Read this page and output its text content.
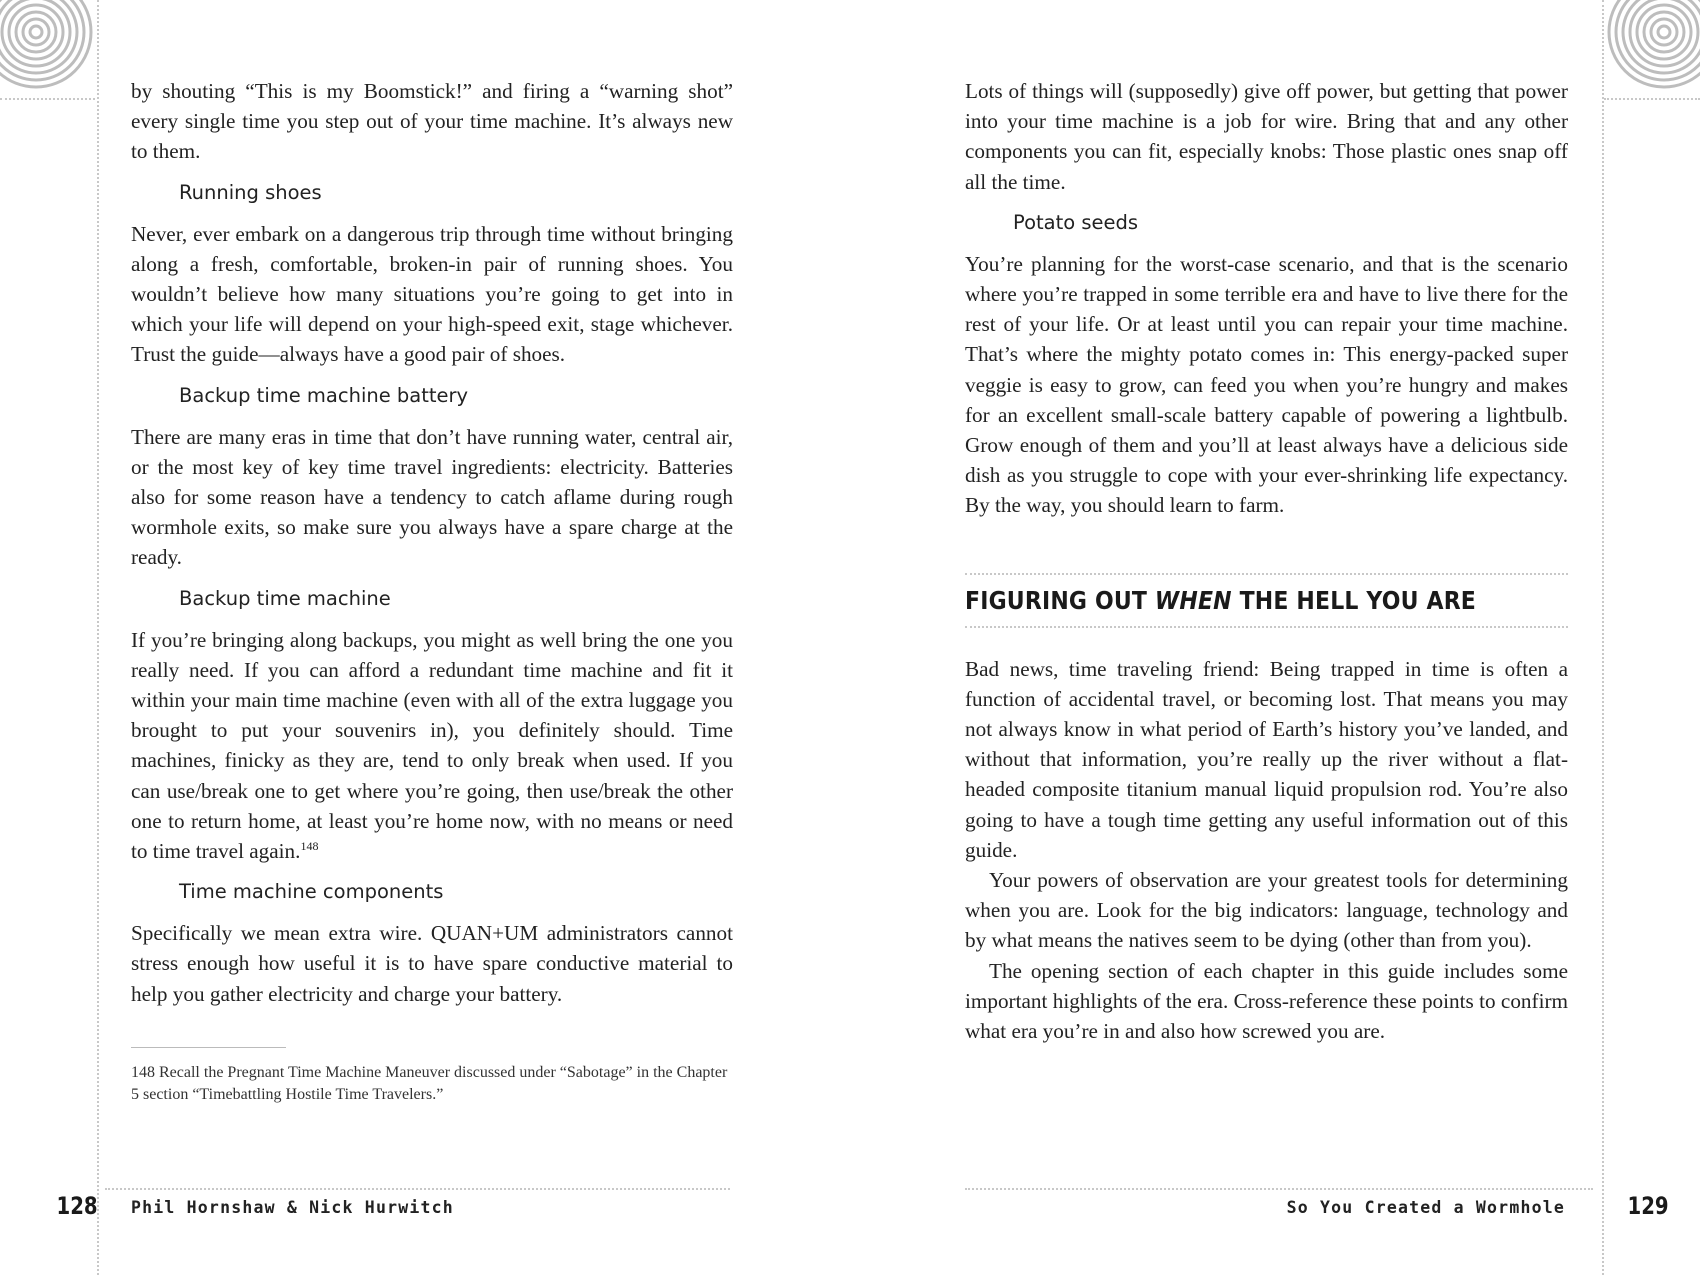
by shouting “This is my Boomstick!” and firing a “warning shot” every single time you step out of your time machine. It’s always new to them.

Running shoes

Never, ever embark on a dangerous trip through time without bringing along a fresh, comfortable, broken-in pair of running shoes. You wouldn’t believe how many situations you’re going to get into in which your life will depend on your high-speed exit, stage whichever. Trust the guide—always have a good pair of shoes.

Backup time machine battery

There are many eras in time that don’t have running water, central air, or the most key of key time travel ingredients: electricity. Batteries also for some reason have a tendency to catch aflame during rough wormhole exits, so make sure you always have a spare charge at the ready.

Backup time machine

If you’re bringing along backups, you might as well bring the one you really need. If you can afford a redundant time machine and fit it within your main time machine (even with all of the extra luggage you brought to put your souvenirs in), you definitely should. Time machines, finicky as they are, tend to only break when used. If you can use/break one to get where you’re going, then use/break the other one to return home, at least you’re home now, with no means or need to time travel again.$^{148}$

Time machine components

Specifically we mean extra wire. QUAN+UM administrators cannot stress enough how useful it is to have spare conductive material to help you gather electricity and charge your battery.

148 Recall the Pregnant Time Machine Maneuver discussed under “Sabotage” in the Chapter 5 section “Timebattling Hostile Time Travelers.”

128 Phil Hornshaw & Nick Hurwitch

Lots of things will (supposedly) give off power, but getting that power into your time machine is a job for wire. Bring that and any other components you can fit, especially knobs: Those plastic ones snap off all the time.

Potato seeds

You’re planning for the worst-case scenario, and that is the scenario where you’re trapped in some terrible era and have to live there for the rest of your life. Or at least until you can repair your time machine. That’s where the mighty potato comes in: This energy-packed super veggie is easy to grow, can feed you when you’re hungry and makes for an excellent small-scale battery capable of powering a lightbulb. Grow enough of them and you’ll at least always have a delicious side dish as you struggle to cope with your ever-shrinking life expectancy. By the way, you should learn to farm.

FIGURING OUT WHEN THE HELL YOU ARE

Bad news, time traveling friend: Being trapped in time is often a function of accidental travel, or becoming lost. That means you may not always know in what period of Earth’s history you’ve landed, and without that information, you’re really up the river without a flat-headed composite titanium manual liquid propulsion rod. You’re also going to have a tough time getting any useful information out of this guide.

Your powers of observation are your greatest tools for determining when you are. Look for the big indicators: language, technology and by what means the natives seem to be dying (other than from you).

The opening section of each chapter in this guide includes some important highlights of the era. Cross-reference these points to confirm what era you’re in and also how screwed you are.

So You Created a Wormhole	129
